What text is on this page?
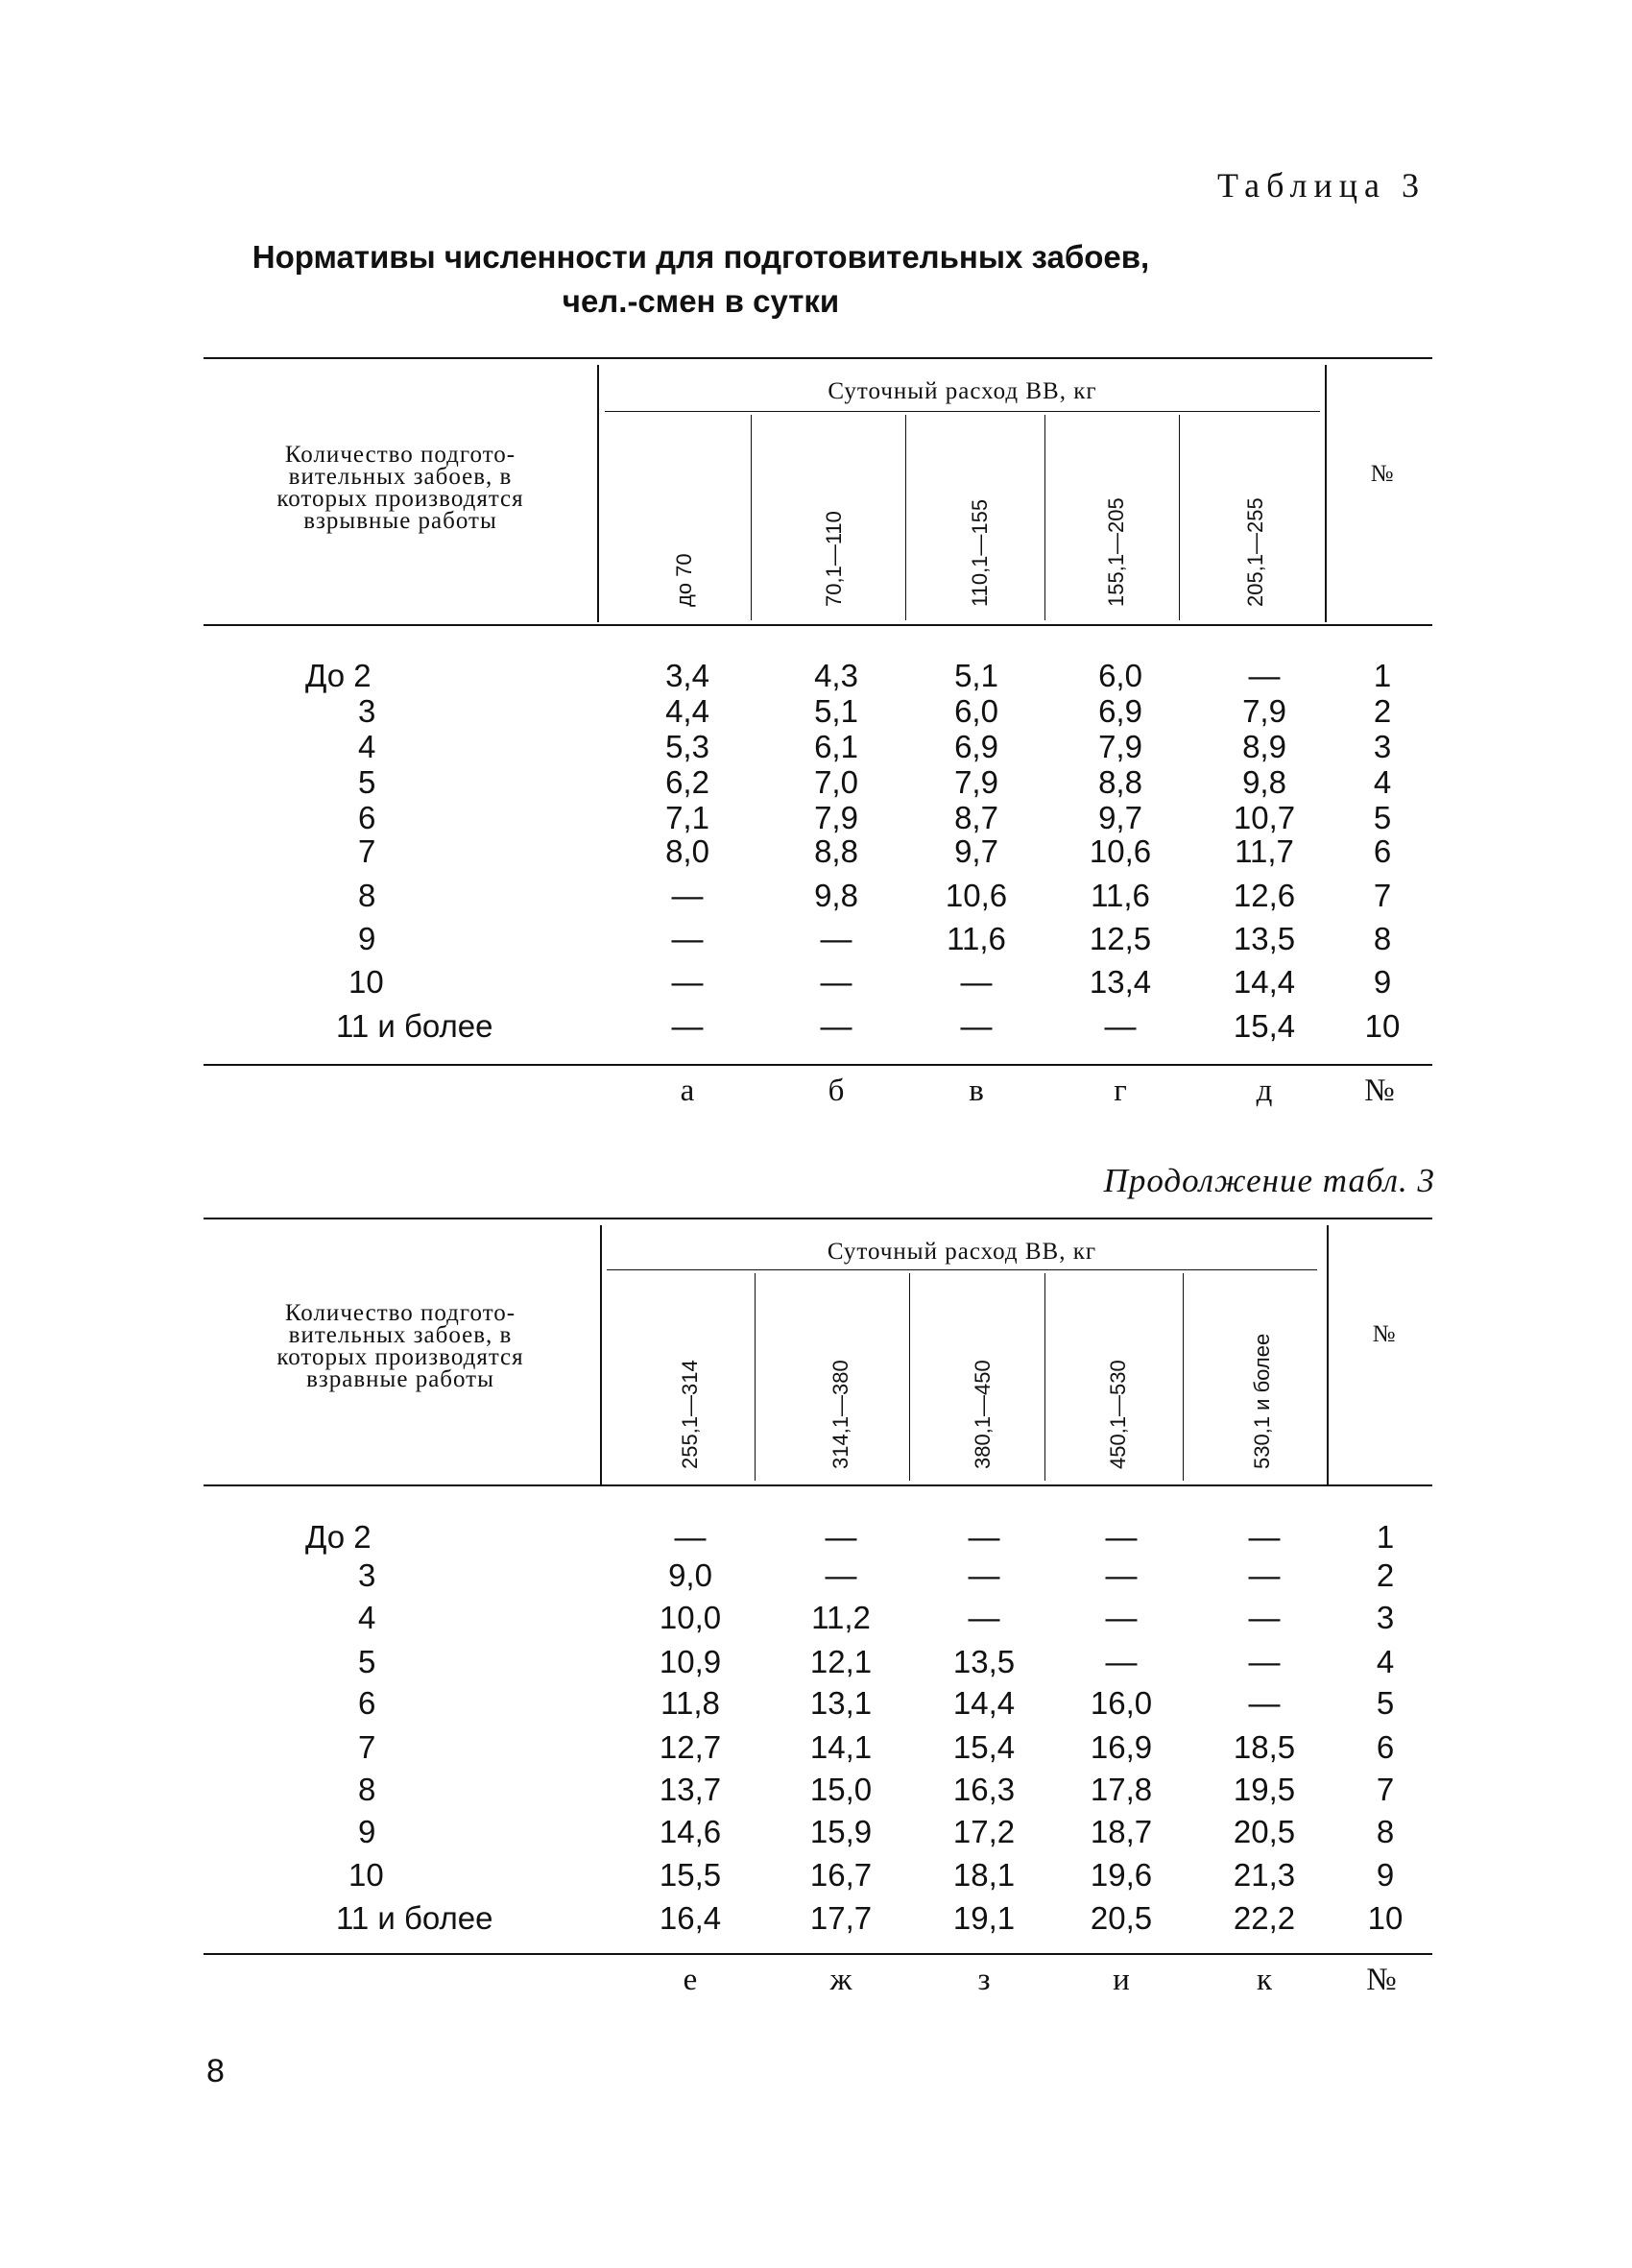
Таблица 3
Нормативы численности для подготовительных забоев,
чел.-смен в сутки
Количество подгото-
вительных забоев, в
которых производятся
взрывные работы
Суточный расход ВВ, кг
№
до 70	70,1—110	110,1—155	155,1—205	205,1—255
До 2	3,4	4,3	5,1	6,0	—	1
3	4,4	5,1	6,0	6,9	7,9	2
4	5,3	6,1	6,9	7,9	8,9	3
5	6,2	7,0	7,9	8,8	9,8	4
6	7,1	7,9	8,7	9,7	10,7	5
7	8,0	8,8	9,7	10,6	11,7	6
8	—	9,8	10,6	11,6	12,6	7
9	—	—	11,6	12,5	13,5	8
10	—	—	—	13,4	14,4	9
11 и более	—	—	—	—	15,4	10
а	б	в	г	д	№
Продолжение табл. 3
Количество подгото-
вительных забоев, в
которых производятся
взравные работы
Суточный расход ВВ, кг
№
255,1—314	314,1—380	380,1—450	450,1—530	530,1 и более
До 2	—	—	—	—	—	1
3	9,0	—	—	—	—	2
4	10,0	11,2	—	—	—	3
5	10,9	12,1	13,5	—	—	4
6	11,8	13,1	14,4	16,0	—	5
7	12,7	14,1	15,4	16,9	18,5	6
8	13,7	15,0	16,3	17,8	19,5	7
9	14,6	15,9	17,2	18,7	20,5	8
10	15,5	16,7	18,1	19,6	21,3	9
11 и более	16,4	17,7	19,1	20,5	22,2	10
е	ж	з	и	к	№
8
